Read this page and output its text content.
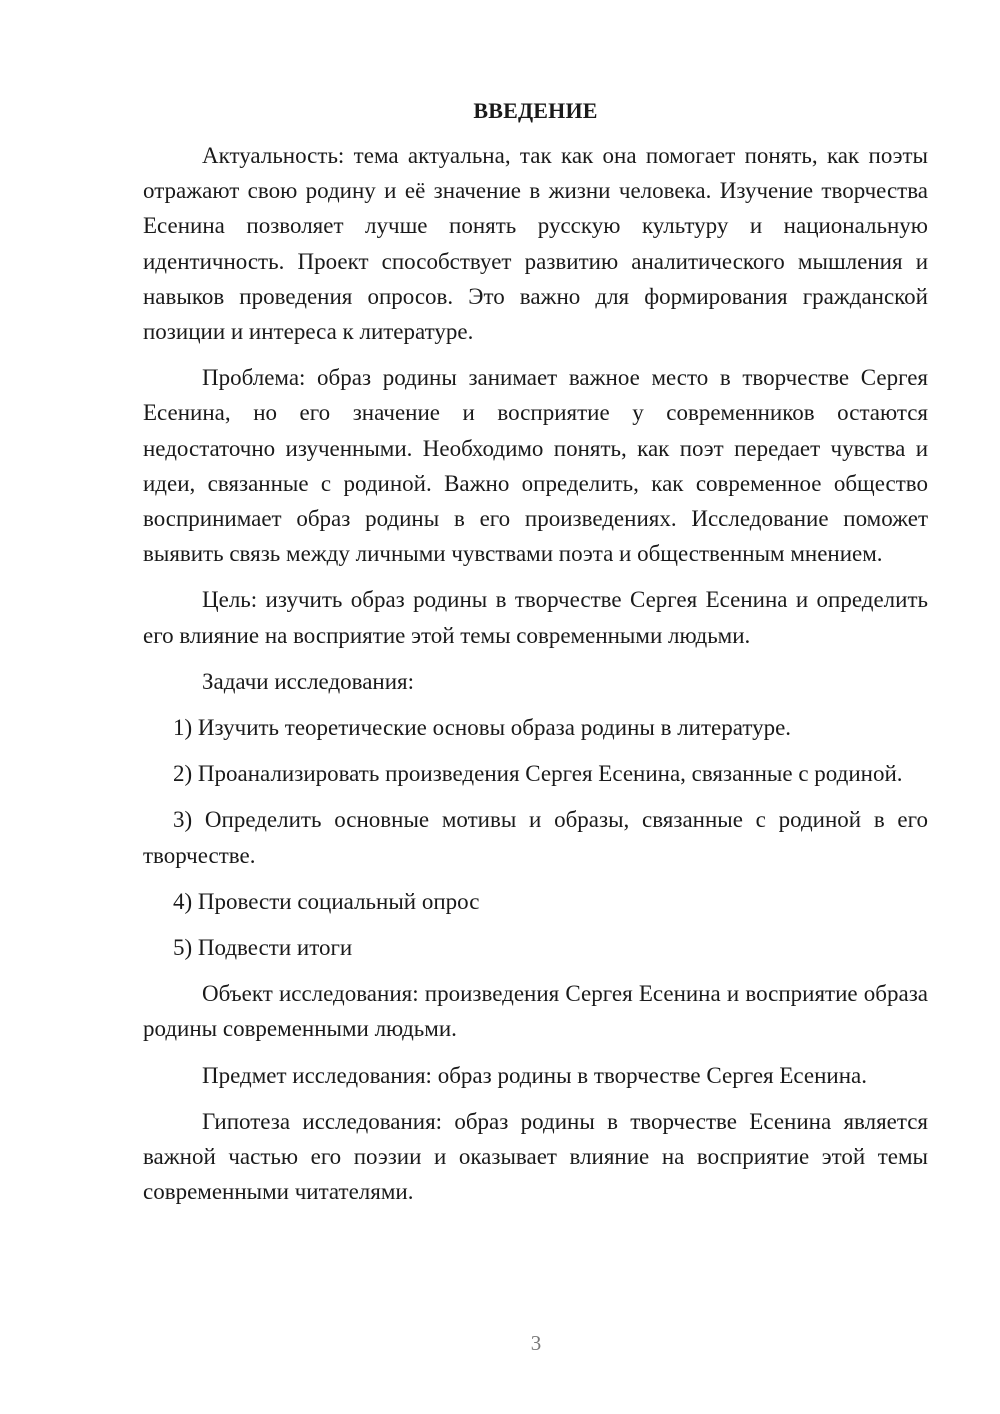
ВВЕДЕНИЕ

Актуальность: тема актуальна, так как она помогает понять, как поэты отражают свою родину и её значение в жизни человека. Изучение творчества Есенина позволяет лучше понять русскую культуру и национальную идентичность. Проект способствует развитию аналитического мышления и навыков проведения опросов. Это важно для формирования гражданской позиции и интереса к литературе.

Проблема: образ родины занимает важное место в творчестве Сергея Есенина, но его значение и восприятие у современников остаются недостаточно изученными. Необходимо понять, как поэт передает чувства и идеи, связанные с родиной. Важно определить, как современное общество воспринимает образ родины в его произведениях. Исследование поможет выявить связь между личными чувствами поэта и общественным мнением.

Цель: изучить образ родины в творчестве Сергея Есенина и определить его влияние на восприятие этой темы современными людьми.

Задачи исследования:

1) Изучить теоретические основы образа родины в литературе.

2) Проанализировать произведения Сергея Есенина, связанные с родиной.

3) Определить основные мотивы и образы, связанные с родиной в его творчестве.

4) Провести социальный опрос

5) Подвести итоги

Объект исследования: произведения Сергея Есенина и восприятие образа родины современными людьми.

Предмет исследования: образ родины в творчестве Сергея Есенина.

Гипотеза исследования: образ родины в творчестве Есенина является важной частью его поэзии и оказывает влияние на восприятие этой темы современными читателями.

3
